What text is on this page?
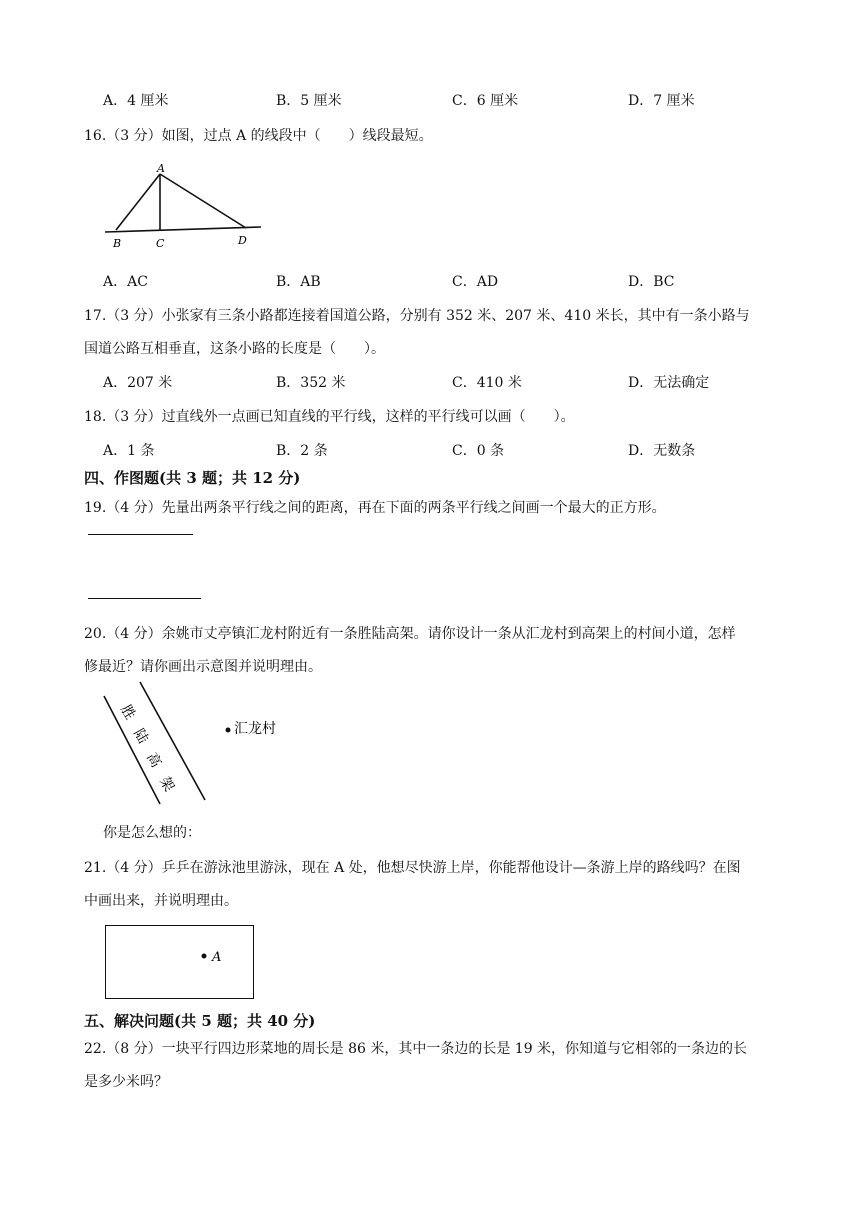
A．4 厘米	B．5 厘米	C．6 厘米	D．7 厘米
16.（3 分）如图，过点 A 的线段中（　　）线段最短。
A
B	C	D
A．AC	B．AB	C．AD	D．BC
17.（3 分）小张家有三条小路都连接着国道公路，分别有 352 米、207 米、410 米长，其中有一条小路与
国道公路互相垂直，这条小路的长度是（　　）。
A．207 米	B．352 米	C．410 米	D．无法确定
18.（3 分）过直线外一点画已知直线的平行线，这样的平行线可以画（　　）。
A．1 条	B．2 条	C．0 条	D．无数条
四、作图题(共 3 题；共 12 分)
19.（4 分）先量出两条平行线之间的距离，再在下面的两条平行线之间画一个最大的正方形。
20.（4 分）余姚市丈亭镇汇龙村附近有一条胜陆高架。请你设计一条从汇龙村到高架上的村间小道，怎样
修最近？请你画出示意图并说明理由。
胜
陆
高
架
汇龙村
你是怎么想的：
21.（4 分）乒乒在游泳池里游泳，现在 A 处，他想尽快游上岸，你能帮他设计—条游上岸的路线吗？在图
中画出来，并说明理由。
A
五、解决问题(共 5 题；共 40 分)
22.（8 分）一块平行四边形菜地的周长是 86 米，其中一条边的长是 19 米，你知道与它相邻的一条边的长
是多少米吗？
